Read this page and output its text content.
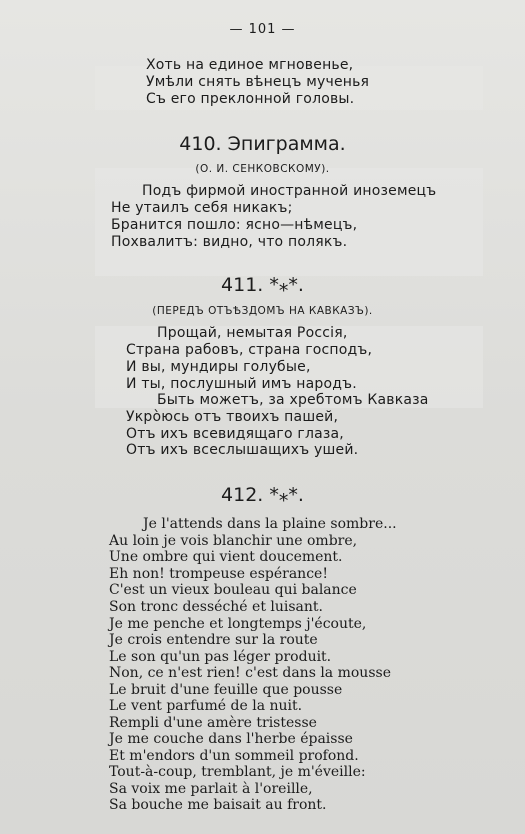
— 101 —
Хоть на единое мгновенье,
Умѣли снять вѣнецъ мученья
Съ его преклонной головы.
410. Эпиграмма.
(О. И. СЕНКОВСКОМУ).
Подъ фирмой иностранной иноземецъ
Не утаилъ себя никакъ;
Бранится пошло: ясно—нѣмецъ,
Похвалитъ: видно, что полякъ.
411. *⁎*.
(ПЕРЕДЪ ОТЪѢЗДОМЪ НА КАВКАЗЪ).
Прощай, немытая Россія,
Страна рабовъ, страна господъ,
И вы, мундиры голубые,
И ты, послушный имъ народъ.
Быть можетъ, за хребтомъ Кавказа
Укрòюсь отъ твоихъ пашей,
Отъ ихъ всевидящаго глаза,
Отъ ихъ всеслышащихъ ушей.
412. *⁎*.
Je l'attends dans la plaine sombre...
Au loin je vois blanchir une ombre,
Une ombre qui vient doucement.
Eh non! trompeuse espérance!
C'est un vieux bouleau qui balance
Son tronc desséché et luisant.
Je me penche et longtemps j'écoute,
Je crois entendre sur la route
Le son qu'un pas léger produit.
Non, ce n'est rien! c'est dans la mousse
Le bruit d'une feuille que pousse
Le vent parfumé de la nuit.
Rempli d'une amère tristesse
Je me couche dans l'herbe épaisse
Et m'endors d'un sommeil profond.
Tout-à-coup, tremblant, je m'éveille:
Sa voix me parlait à l'oreille,
Sa bouche me baisait au front.
